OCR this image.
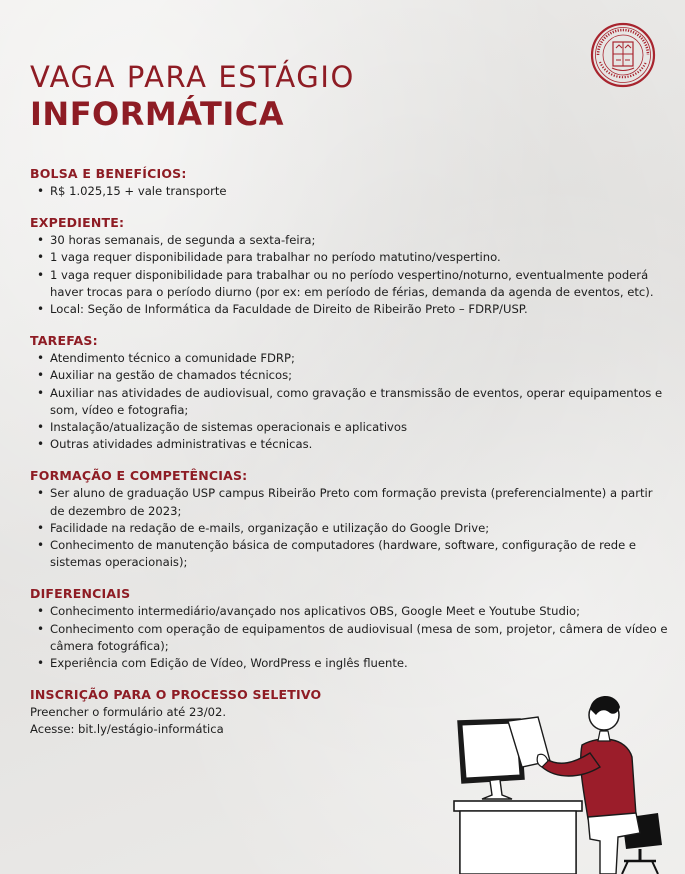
VAGA PARA ESTÁGIO
INFORMÁTICA
BOLSA E BENEFÍCIOS:
• R$ 1.025,15 + vale transporte
EXPEDIENTE:
• 30 horas semanais, de segunda a sexta-feira;
• 1 vaga requer disponibilidade para trabalhar no período matutino/vespertino.
• 1 vaga requer disponibilidade para trabalhar ou no período vespertino/noturno, eventualmente poderá haver trocas para o período diurno (por ex: em período de férias, demanda da agenda de eventos, etc).
• Local: Seção de Informática da Faculdade de Direito de Ribeirão Preto – FDRP/USP.
TAREFAS:
• Atendimento técnico a comunidade FDRP;
• Auxiliar na gestão de chamados técnicos;
• Auxiliar nas atividades de audiovisual, como gravação e transmissão de eventos, operar equipamentos e som, vídeo e fotografia;
• Instalação/atualização de sistemas operacionais e aplicativos
• Outras atividades administrativas e técnicas.
FORMAÇÃO E COMPETÊNCIAS:
• Ser aluno de graduação USP campus Ribeirão Preto com formação prevista (preferencialmente) a partir de dezembro de 2023;
• Facilidade na redação de e-mails, organização e utilização do Google Drive;
• Conhecimento de manutenção básica de computadores (hardware, software, configuração de rede e sistemas operacionais);
DIFERENCIAIS
• Conhecimento intermediário/avançado nos aplicativos OBS, Google Meet e Youtube Studio;
• Conhecimento com operação de equipamentos de audiovisual (mesa de som, projetor, câmera de vídeo e câmera fotográfica);
• Experiência com Edição de Vídeo, WordPress e inglês fluente.
INSCRIÇÃO PARA O PROCESSO SELETIVO

Preencher o formulário até 23/02.

Acesse: bit.ly/estágio-informática
